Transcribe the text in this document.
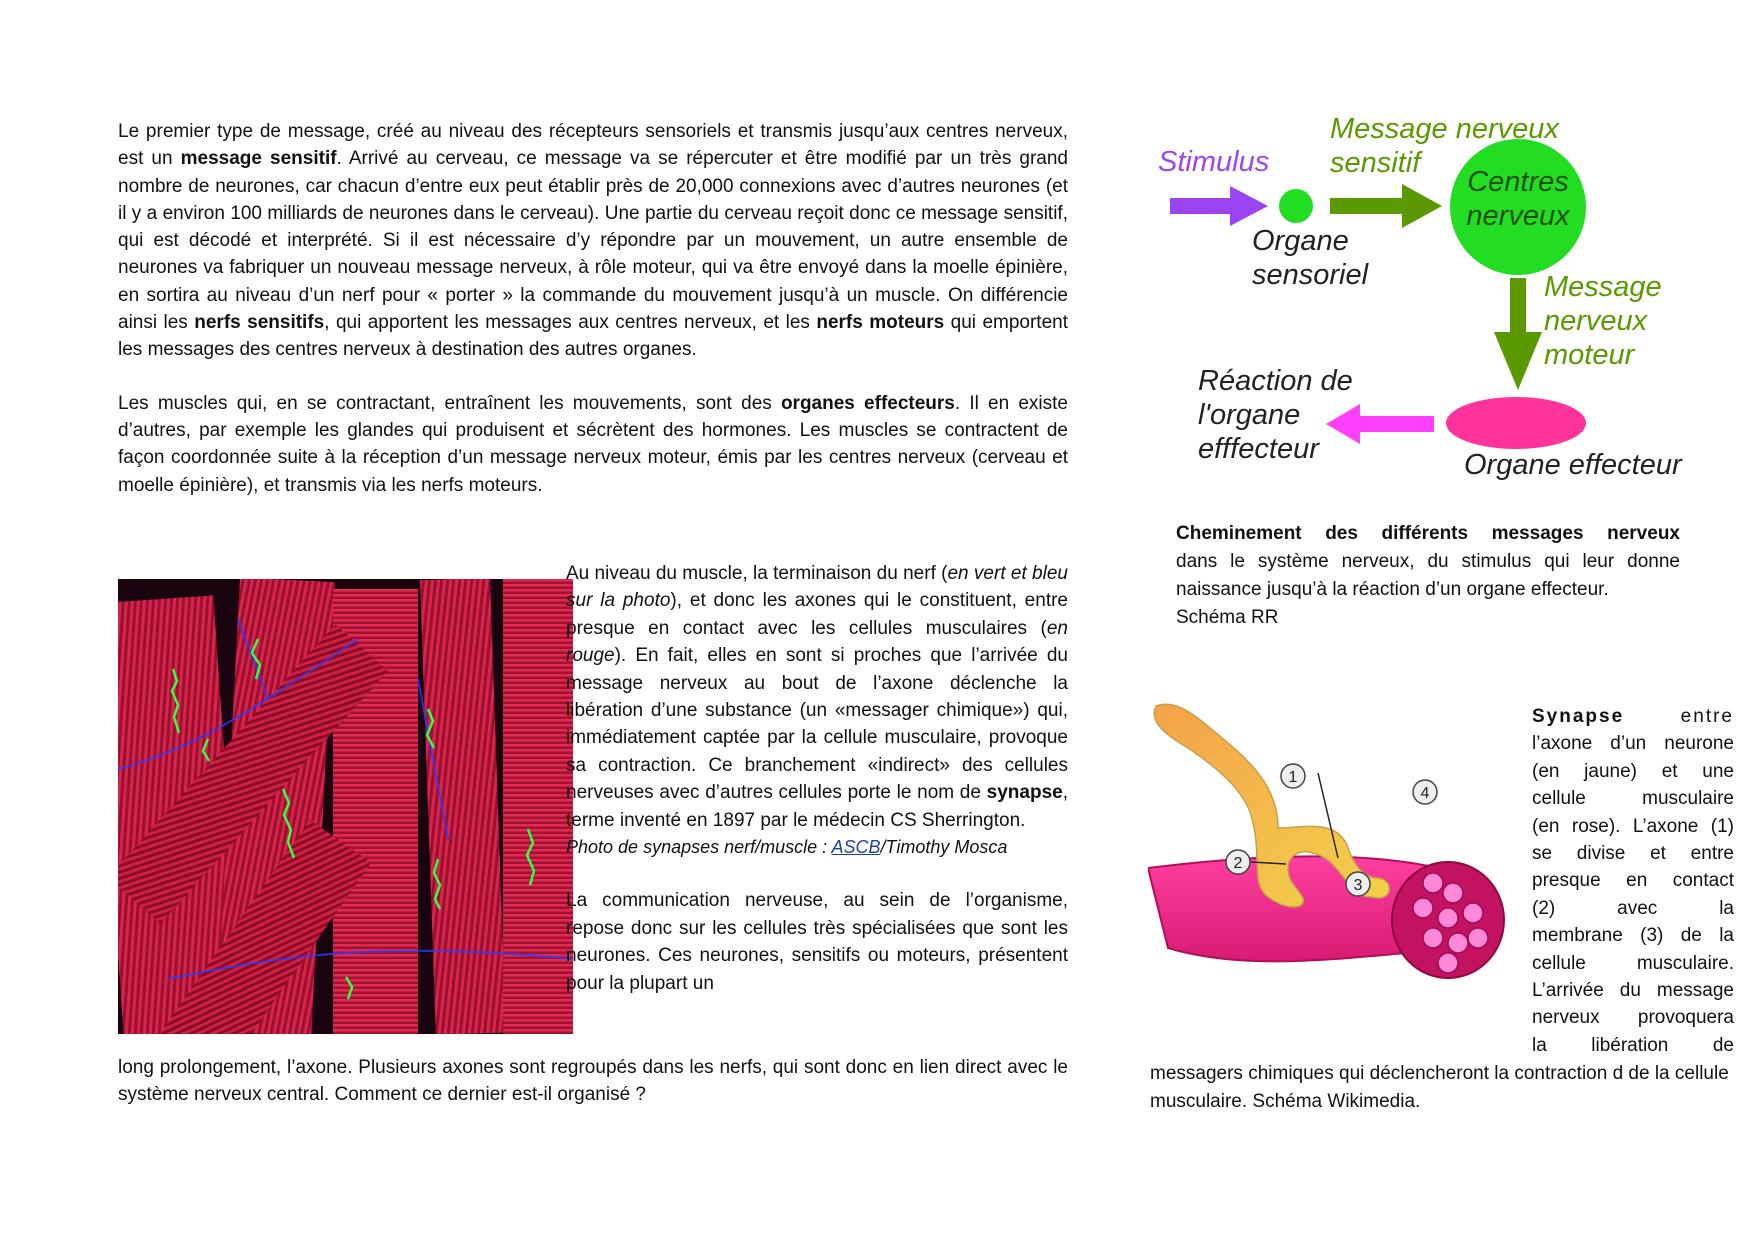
Le premier type de message, créé au niveau des récepteurs sensoriels et transmis jusqu’aux centres nerveux, est un message sensitif. Arrivé au cerveau, ce message va se répercuter et être modifié par un très grand nombre de neurones, car chacun d’entre eux peut établir près de 20,000 connexions avec d’autres neurones (et il y a environ 100 milliards de neurones dans le cerveau). Une partie du cerveau reçoit donc ce message sensitif, qui est décodé et interprété. Si il est nécessaire d’y répondre par un mouvement, un autre ensemble de neurones va fabriquer un nouveau message nerveux, à rôle moteur, qui va être envoyé dans la moelle épinière, en sortira au niveau d’un nerf pour « porter » la commande du mouvement jusqu’à un muscle. On différencie ainsi les nerfs sensitifs, qui apportent les messages aux centres nerveux, et les nerfs moteurs qui emportent les messages des centres nerveux à destination des autres organes.

Les muscles qui, en se contractant, entraînent les mouvements, sont des organes effecteurs. Il en existe d’autres, par exemple les glandes qui produisent et sécrètent des hormones. Les muscles se contractent de façon coordonnée suite à la réception d’un message nerveux moteur, émis par les centres nerveux (cerveau et moelle épinière), et transmis via les nerfs moteurs.

Au niveau du muscle, la terminaison du nerf (en vert et bleu sur la photo), et donc les axones qui le constituent, entre presque en contact avec les cellules musculaires (en rouge). En fait, elles en sont si proches que l’arrivée du message nerveux au bout de l’axone déclenche la libération d’une substance (un «messager chimique») qui, immédiatement captée par la cellule musculaire, provoque sa contraction. Ce branchement «indirect» des cellules nerveuses avec d’autres cellules porte le nom de synapse, terme inventé en 1897 par le médecin CS Sherrington.

Photo de synapses nerf/muscle : ASCB/Timothy Mosca

La communication nerveuse, au sein de l’organisme, repose donc sur les cellules très spécialisées que sont les neurones. Ces neurones, sensitifs ou moteurs, présentent pour la plupart un

long prolongement, l’axone. Plusieurs axones sont regroupés dans les nerfs, qui sont donc en lien direct avec le système nerveux central. Comment ce dernier est-il organisé ?
Stimulus
Message nerveux
sensitif
Centres
nerveux
Organe
sensoriel	Message
nerveux
moteur
Réaction de
l'organe
efffecteur	Organe effecteur
Cheminement des différents messages nerveux
dans le système nerveux, du stimulus qui leur donne
naissance jusqu’à la réaction d’un organe effecteur.
Schéma RR
1
2
3
4
Synapse entre
l’axone d’un neurone
(en jaune) et une
cellule musculaire
(en rose). L’axone (1)
se divise et entre
presque en contact
(2) avec la
membrane (3) de la
cellule musculaire.
L’arrivée du message
nerveux provoquera
la libération de
messagers chimiques qui déclencheront la contraction d de la cellule musculaire. Schéma Wikimedia.
